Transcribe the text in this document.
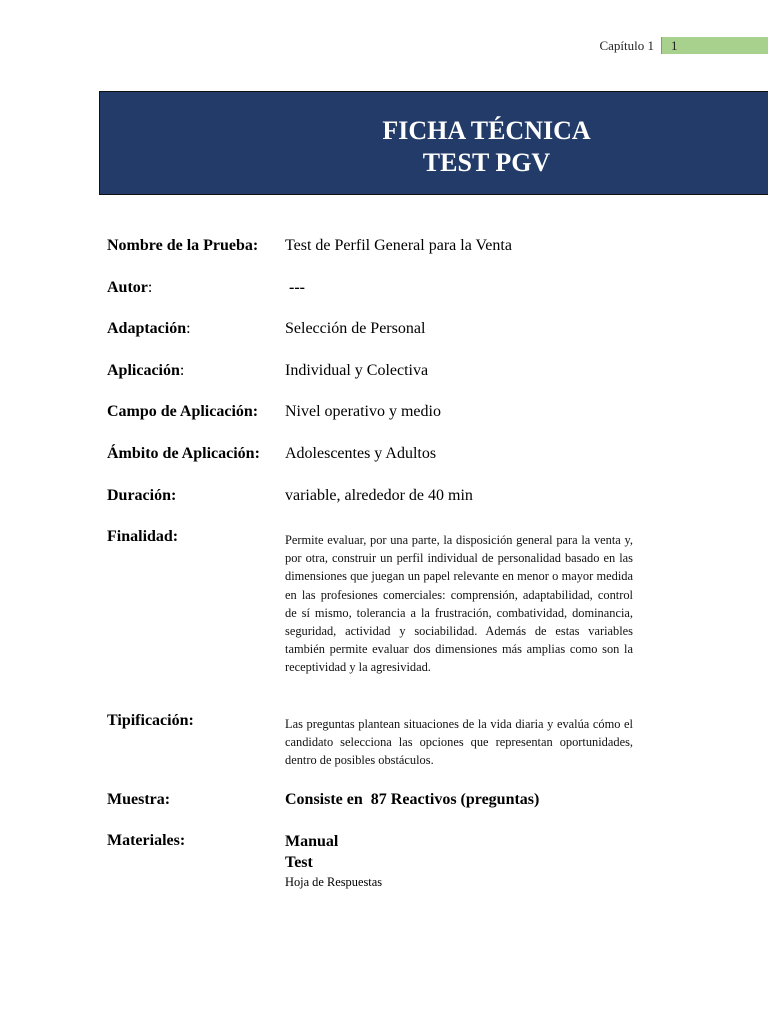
Capítulo 1	1
FICHA TÉCNICA
TEST PGV
Nombre de la Prueba: Test de Perfil General para la Venta
Autor:	---
Adaptación:	Selección de Personal
Aplicación:	Individual y Colectiva
Campo de Aplicación: Nivel operativo y medio
Ámbito de Aplicación: Adolescentes y Adultos
Duración:	variable, alrededor de 40 min
Finalidad:	Permite evaluar, por una parte, la disposición general para la venta y, por otra, construir un perfil individual de personalidad basado en las dimensiones que juegan un papel relevante en menor o mayor medida en las profesiones comerciales: comprensión, adaptabilidad, control de sí mismo, tolerancia a la frustración, combatividad, dominancia, seguridad, actividad y sociabilidad. Además de estas variables también permite evaluar dos dimensiones más amplias como son la receptividad y la agresividad.
Tipificación:	Las preguntas plantean situaciones de la vida diaria y evalúa cómo el candidato selecciona las opciones que representan oportunidades, dentro de posibles obstáculos.
Muestra:	Consiste en  87 Reactivos (preguntas)
Materiales:	Manual
Test
Hoja de Respuestas
